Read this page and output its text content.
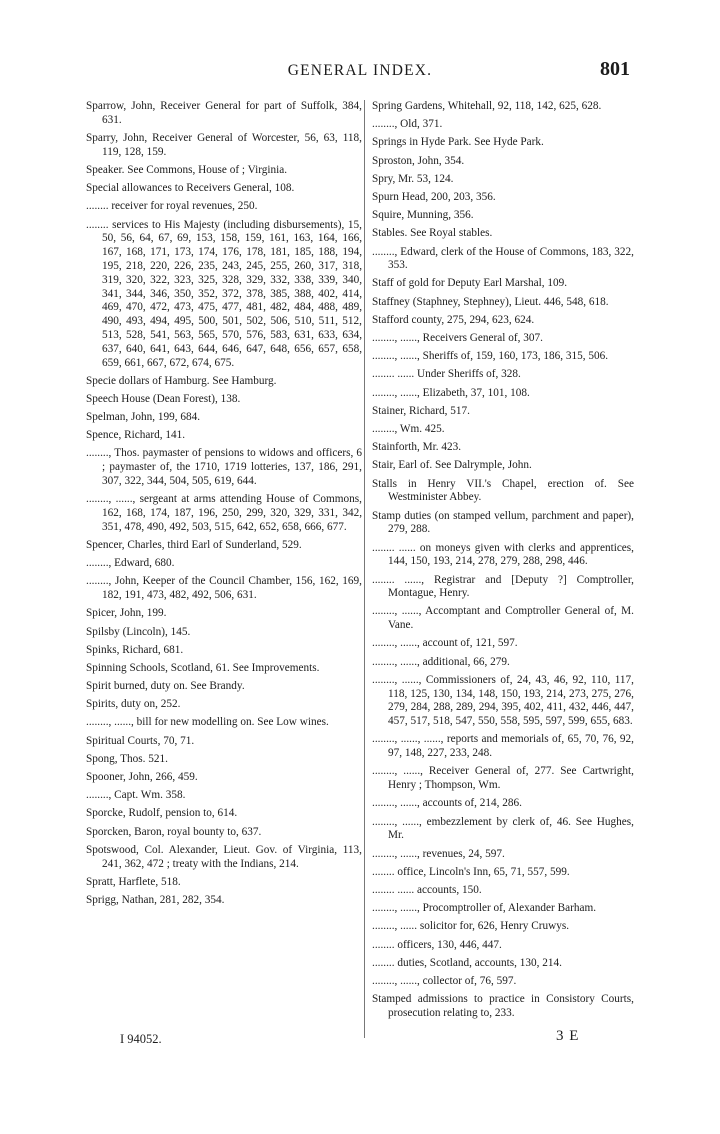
GENERAL INDEX.	801

Sparrow, John, Receiver General for part of Suffolk, 384, 631.

Sparry, John, Receiver General of Worcester, 56, 63, 118, 119, 128, 159.

Speaker. See Commons, House of ; Virginia.

Special allowances to Receivers General, 108.

........ receiver for royal revenues, 250.

........ services to His Majesty (including disbursements), 15, 50, 56, 64, 67, 69, 153, 158, 159, 161, 163, 164, 166, 167, 168, 171, 173, 174, 176, 178, 181, 185, 188, 194, 195, 218, 220, 226, 235, 243, 245, 255, 260, 317, 318, 319, 320, 322, 323, 325, 328, 329, 332, 338, 339, 340, 341, 344, 346, 350, 352, 372, 378, 385, 388, 402, 414, 469, 470, 472, 473, 475, 477, 481, 482, 484, 488, 489, 490, 493, 494, 495, 500, 501, 502, 506, 510, 511, 512, 513, 528, 541, 563, 565, 570, 576, 583, 631, 633, 634, 637, 640, 641, 643, 644, 646, 647, 648, 656, 657, 658, 659, 661, 667, 672, 674, 675.

Specie dollars of Hamburg. See Hamburg.

Speech House (Dean Forest), 138.

Spelman, John, 199, 684.

Spence, Richard, 141.

........, Thos. paymaster of pensions to widows and officers, 6 ; paymaster of, the 1710, 1719 lotteries, 137, 186, 291, 307, 322, 344, 504, 505, 619, 644.

........, ......, sergeant at arms attending House of Commons, 162, 168, 174, 187, 196, 250, 299, 320, 329, 331, 342, 351, 478, 490, 492, 503, 515, 642, 652, 658, 666, 677.

Spencer, Charles, third Earl of Sunderland, 529.

........, Edward, 680.

........, John, Keeper of the Council Chamber, 156, 162, 169, 182, 191, 473, 482, 492, 506, 631.

Spicer, John, 199.

Spilsby (Lincoln), 145.

Spinks, Richard, 681.

Spinning Schools, Scotland, 61. See Improvements.

Spirit burned, duty on. See Brandy.

Spirits, duty on, 252.

........, ......, bill for new modelling on. See Low wines.

Spiritual Courts, 70, 71.

Spong, Thos. 521.

Spooner, John, 266, 459.

........, Capt. Wm. 358.

Sporcke, Rudolf, pension to, 614.

Sporcken, Baron, royal bounty to, 637.

Spotswood, Col. Alexander, Lieut. Gov. of Virginia, 113, 241, 362, 472 ; treaty with the Indians, 214.

Spratt, Harflete, 518.

Sprigg, Nathan, 281, 282, 354.

Spring Gardens, Whitehall, 92, 118, 142, 625, 628.

........, Old, 371.

Springs in Hyde Park. See Hyde Park.

Sproston, John, 354.

Spry, Mr. 53, 124.

Spurn Head, 200, 203, 356.

Squire, Munning, 356.

Stables. See Royal stables.

........, Edward, clerk of the House of Commons, 183, 322, 353.

Staff of gold for Deputy Earl Marshal, 109.

Staffney (Staphney, Stephney), Lieut. 446, 548, 618.

Stafford county, 275, 294, 623, 624.

........, ......, Receivers General of, 307.

........, ......, Sheriffs of, 159, 160, 173, 186, 315, 506.

........ ...... Under Sheriffs of, 328.

........, ......, Elizabeth, 37, 101, 108.

Stainer, Richard, 517.

........, Wm. 425.

Stainforth, Mr. 423.

Stair, Earl of. See Dalrymple, John.

Stalls in Henry VII.'s Chapel, erection of. See Westminister Abbey.

Stamp duties (on stamped vellum, parchment and paper), 279, 288.

........ ...... on moneys given with clerks and apprentices, 144, 150, 193, 214, 278, 279, 288, 298, 446.

........ ......, Registrar and [Deputy ?] Comptroller, Montague, Henry.

........, ......, Accomptant and Comptroller General of, M. Vane.

........, ......, account of, 121, 597.

........, ......, additional, 66, 279.

........, ......, Commissioners of, 24, 43, 46, 92, 110, 117, 118, 125, 130, 134, 148, 150, 193, 214, 273, 275, 276, 279, 284, 288, 289, 294, 395, 402, 411, 432, 446, 447, 457, 517, 518, 547, 550, 558, 595, 597, 599, 655, 683.

........, ......, ......, reports and memorials of, 65, 70, 76, 92, 97, 148, 227, 233, 248.

........, ......, Receiver General of, 277. See Cartwright, Henry ; Thompson, Wm.

........, ......, accounts of, 214, 286.

........, ......, embezzlement by clerk of, 46. See Hughes, Mr.

........, ......, revenues, 24, 597.

........ office, Lincoln's Inn, 65, 71, 557, 599.

........ ...... accounts, 150.

........, ......, Procomptroller of, Alexander Barham.

........, ...... solicitor for, 626, Henry Cruwys.

........ officers, 130, 446, 447.

........ duties, Scotland, accounts, 130, 214.

........, ......, collector of, 76, 597.

Stamped admissions to practice in Consistory Courts, prosecution relating to, 233.

I 94052.	3 E
